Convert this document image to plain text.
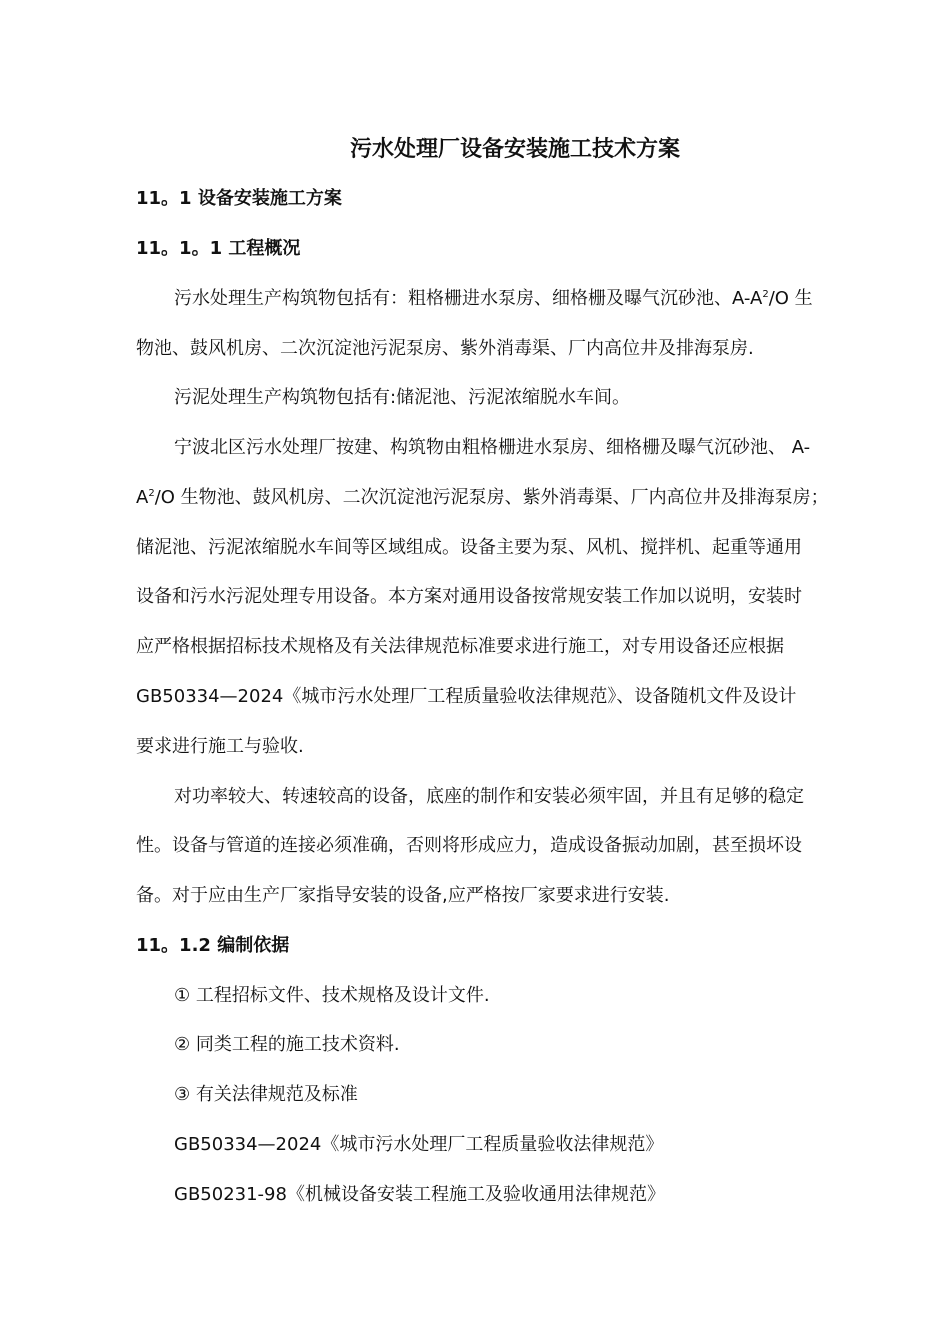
污水处理厂设备安装施工技术方案
11。1 设备安装施工方案
11。1。1 工程概况
污水处理生产构筑物包括有：粗格栅进水泵房、细格栅及曝气沉砂池、$A-A^2/O$ 生
物池、鼓风机房、二次沉淀池污泥泵房、紫外消毒渠、厂内高位井及排海泵房.
污泥处理生产构筑物包括有:储泥池、污泥浓缩脱水车间。
宁波北区污水处理厂按建、构筑物由粗格栅进水泵房、细格栅及曝气沉砂池、 A-
$A^2/O$ 生物池、鼓风机房、二次沉淀池污泥泵房、紫外消毒渠、厂内高位井及排海泵房；
储泥池、污泥浓缩脱水车间等区域组成。设备主要为泵、风机、搅拌机、起重等通用
设备和污水污泥处理专用设备。本方案对通用设备按常规安装工作加以说明，安装时
应严格根据招标技术规格及有关法律规范标准要求进行施工，对专用设备还应根据
GB50334—2024《城市污水处理厂工程质量验收法律规范》、设备随机文件及设计
要求进行施工与验收.
对功率较大、转速较高的设备，底座的制作和安装必须牢固，并且有足够的稳定
性。设备与管道的连接必须准确，否则将形成应力，造成设备振动加剧，甚至损坏设
备。对于应由生产厂家指导安装的设备,应严格按厂家要求进行安装.
11。1.2 编制依据
① 工程招标文件、技术规格及设计文件.
② 同类工程的施工技术资料.
③ 有关法律规范及标准
GB50334—2024《城市污水处理厂工程质量验收法律规范》
GB50231-98《机械设备安装工程施工及验收通用法律规范》
